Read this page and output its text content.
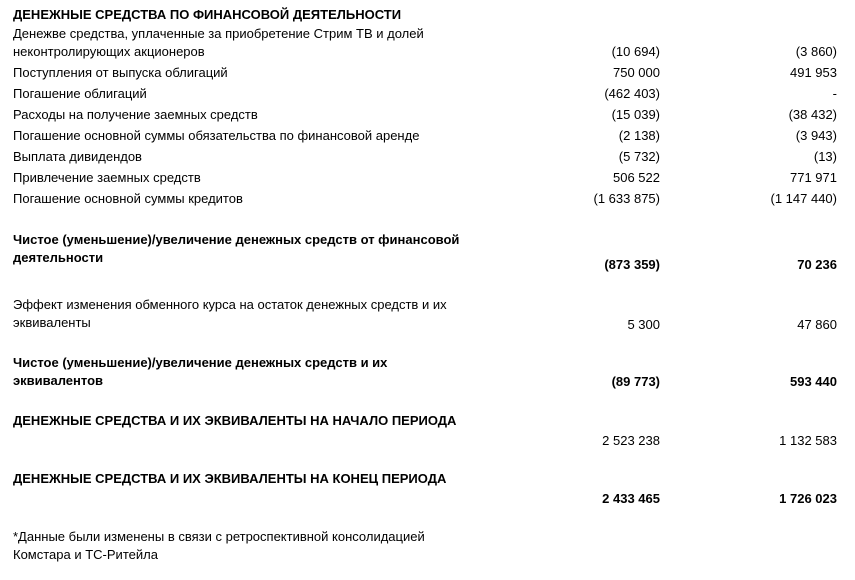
ДЕНЕЖНЫЕ СРЕДСТВА ПО ФИНАНСОВОЙ ДЕЯТЕЛЬНОСТИ
Денежвe средства, уплаченные за приобретение Стрим ТВ и долей
неконтролирующих акционеров	(10 694)	(3 860)
Поступления от выпуска облигаций	750 000	491 953
Погашение облигаций	(462 403)	-
Расходы на получение заемных средств	(15 039)	(38 432)
Погашение основной суммы обязательства по финансовой аренде	(2 138)	(3 943)
Выплата дивидендов	(5 732)	(13)
Привлечение заемных средств	506 522	771 971
Погашение основной суммы кредитов	(1 633 875)	(1 147 440)
Чистое (уменьшение)/увеличение денежных средств от финансовой
деятельности	(873 359)	70 236
Эффект изменения обменного курса на остаток денежных средств и их
эквиваленты	5 300	47 860
Чистое (уменьшение)/увеличение денежных средств и их
эквивалентов	(89 773)	593 440
ДЕНЕЖНЫЕ СРЕДСТВА И ИХ ЭКВИВАЛЕНТЫ НА НАЧАЛО ПЕРИОДА
2 523 238	1 132 583
ДЕНЕЖНЫЕ СРЕДСТВА И ИХ ЭКВИВАЛЕНТЫ НА КОНЕЦ ПЕРИОДА
2 433 465	1 726 023
*Данные были изменены в связи с ретроспективной консолидацией
Комстара и ТС-Ритейла
